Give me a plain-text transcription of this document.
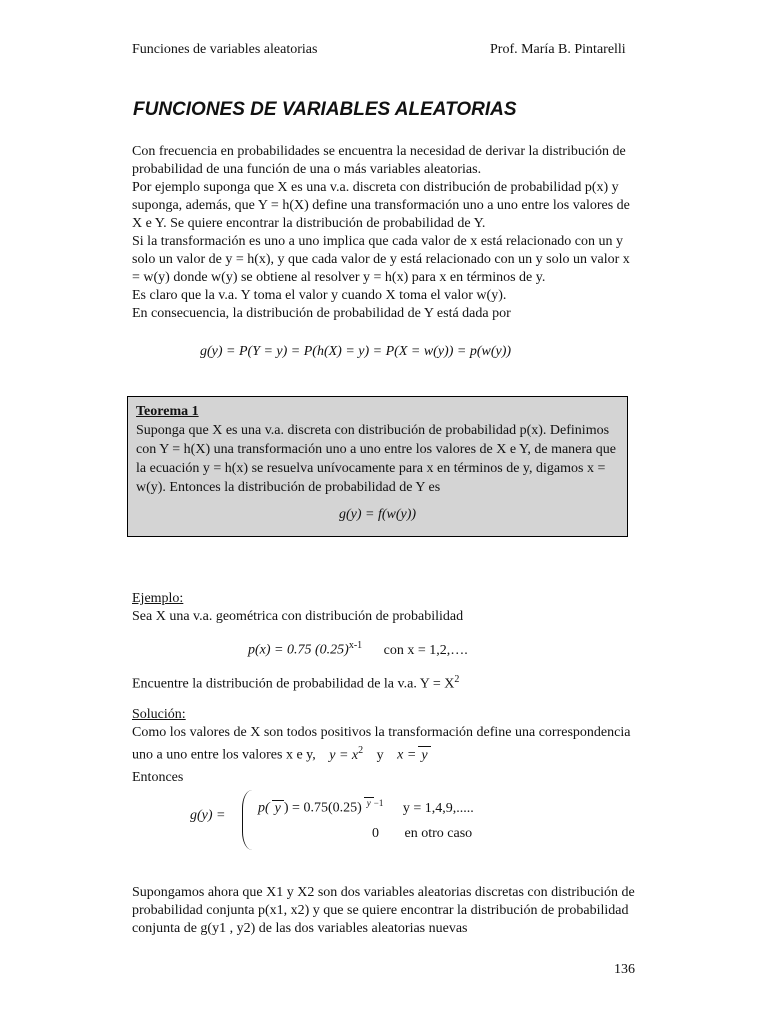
Funciones de variables aleatorias	Prof. María B. Pintarelli
FUNCIONES DE VARIABLES ALEATORIAS

Con frecuencia en probabilidades se encuentra la necesidad de derivar la distribución de probabilidad de una función de una o más variables aleatorias.

Por ejemplo suponga que X es una v.a. discreta con distribución de probabilidad p(x) y suponga, además, que Y = h(X) define una transformación uno a uno entre los valores de X e Y. Se quiere encontrar la distribución de probabilidad de Y.

Si la transformación es uno a uno implica que cada valor de x está relacionado con un y solo un valor de y = h(x), y que cada valor de y está relacionado con un y solo un valor x = w(y) donde w(y) se obtiene al resolver y = h(x) para x en términos de y.

Es claro que la v.a. Y toma el valor y cuando X toma el valor w(y).

En consecuencia, la distribución de probabilidad de Y está dada por

g(y) = P(Y = y) = P(h(X) = y) = P(X = w(y)) = p(w(y))

Teorema 1

Suponga que X es una v.a. discreta con distribución de probabilidad p(x). Definimos con Y = h(X) una transformación uno a uno entre los valores de X e Y, de manera que la ecuación y = h(x) se resuelva unívocamente para x en términos de y, digamos x = w(y). Entonces la distribución de probabilidad de Y es

g(y) = f(w(y))

Ejemplo:
Sea X una v.a. geométrica con distribución de probabilidad
p(x) = 0.75 $(0.25)^{x-1}$ con x = 1,2,….
Encuentre la distribución de probabilidad de la v.a. $Y = X^2$

Solución:

Como los valores de X son todos positivos la transformación define una correspondencia uno a uno entre los valores x e y, $y = x^2$ y x = y

Entonces

g(y) = p( y ) = 0.75(0.25) $^{y -1}$ y = 1,4,9,.....
0 en otro caso
Supongamos ahora que X1 y X2 son dos variables aleatorias discretas con distribución de probabilidad conjunta p(x1, x2) y que se quiere encontrar la distribución de probabilidad conjunta de g(y1 , y2) de las dos variables aleatorias nuevas
136
